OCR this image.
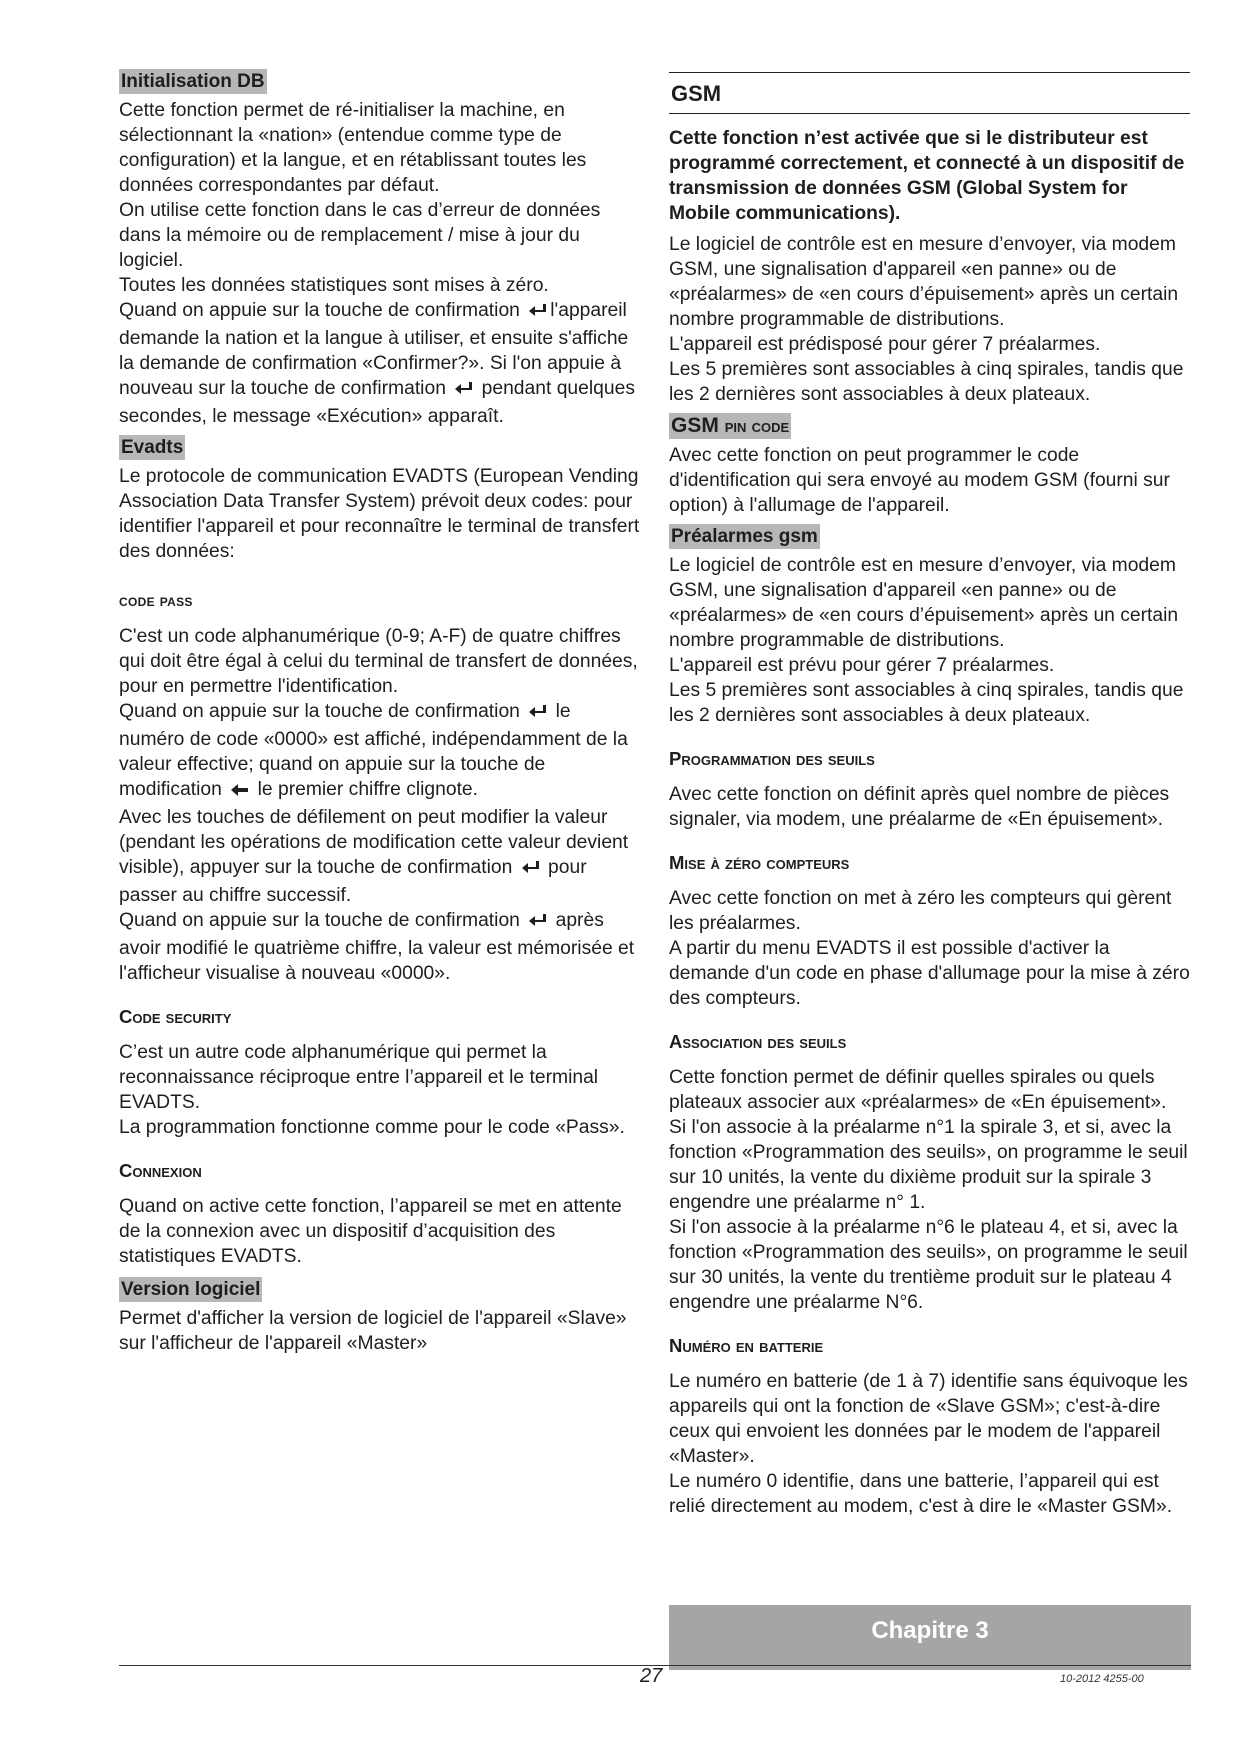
Initialisation DB

Cette fonction permet de ré-initialiser la machine, en sélectionnant la «nation» (entendue comme type de configuration) et la langue, et en rétablissant toutes les données correspondantes par défaut.

On utilise cette fonction dans le cas d’erreur de données dans la mémoire ou de remplacement / mise à jour du logiciel.

Toutes les données statistiques sont mises à zéro.

Quand on appuie sur la touche de confirmation l'appareil demande la nation et la langue à utiliser, et ensuite s'affiche la demande de confirmation «Confirmer?». Si l'on appuie à nouveau sur la touche de confirmation pendant quelques secondes, le message «Exécution» apparaît.

Evadts

Le protocole de communication EVADTS (European Vending Association Data Transfer System) prévoit deux codes: pour identifier l'appareil et pour reconnaître le terminal de transfert des données:

code pass

C'est un code alphanumérique (0-9; A-F) de quatre chiffres qui doit être égal à celui du terminal de transfert de données, pour en permettre l'identification.

Quand on appuie sur la touche de confirmation le numéro de code «0000» est affiché, indépendamment de la valeur effective; quand on appuie sur la touche de modification le premier chiffre clignote.

Avec les touches de défilement on peut modifier la valeur (pendant les opérations de modification cette valeur devient visible), appuyer sur la touche de confirmation pour passer au chiffre successif.

Quand on appuie sur la touche de confirmation après avoir modifié le quatrième chiffre, la valeur est mémorisée et l'afficheur visualise à nouveau «0000».

Code security

C’est un autre code alphanumérique qui permet la reconnaissance réciproque entre l’appareil et le terminal EVADTS.

La programmation fonctionne comme pour le code «Pass».

Connexion

Quand on active cette fonction, l’appareil se met en attente de la connexion avec un dispositif d’acquisition des statistiques EVADTS.

Version logiciel

Permet d'afficher la version de logiciel de l'appareil «Slave» sur l'afficheur de l'appareil «Master»

GSM

Cette fonction n’est activée que si le distributeur est programmé correctement, et connecté à un dispositif de transmission de données GSM (Global System for Mobile communications).

Le logiciel de contrôle est en mesure d’envoyer, via modem GSM, une signalisation d'appareil «en panne» ou de «préalarmes» de «en cours d’épuisement» après un certain nombre programmable de distributions.

L'appareil est prédisposé pour gérer 7 préalarmes.

Les 5 premières sont associables à cinq spirales, tandis que les 2 dernières sont associables à deux plateaux.

GSM pin code

Avec cette fonction on peut programmer le code d'identification qui sera envoyé au modem GSM (fourni sur option) à l'allumage de l'appareil.

Préalarmes gsm

Le logiciel de contrôle est en mesure d’envoyer, via modem GSM, une signalisation d'appareil «en panne» ou de «préalarmes» de «en cours d’épuisement» après un certain nombre programmable de distributions.

L'appareil est prévu pour gérer 7 préalarmes.

Les 5 premières sont associables à cinq spirales, tandis que les 2 dernières sont associables à deux plateaux.

Programmation des seuils

Avec cette fonction on définit après quel nombre de pièces signaler, via modem, une préalarme de «En épuisement».

Mise à zéro compteurs

Avec cette fonction on met à zéro les compteurs qui gèrent les préalarmes.

A partir du menu EVADTS il est possible d'activer la demande d'un code en phase d'allumage pour la mise à zéro des compteurs.

Association des seuils

Cette fonction permet de définir quelles spirales ou quels plateaux associer aux «préalarmes» de «En épuisement».

Si l'on associe à la préalarme n°1 la spirale 3, et si, avec la fonction «Programmation des seuils», on programme le seuil sur 10 unités, la vente du dixième produit sur la spirale 3 engendre une préalarme n° 1.

Si l'on associe à la préalarme n°6 le plateau 4, et si, avec la fonction «Programmation des seuils», on programme le seuil sur 30 unités, la vente du trentième produit sur le plateau 4 engendre une préalarme N°6.

Numéro en batterie

Le numéro en batterie (de 1 à 7) identifie sans équivoque les appareils qui ont la fonction de «Slave GSM»; c'est-à-dire ceux qui envoient les données par le modem de l'appareil «Master».

Le numéro 0 identifie, dans une batterie, l’appareil qui est relié directement au modem, c'est à dire le «Master GSM».

Chapitre 3
27	10-2012 4255-00
